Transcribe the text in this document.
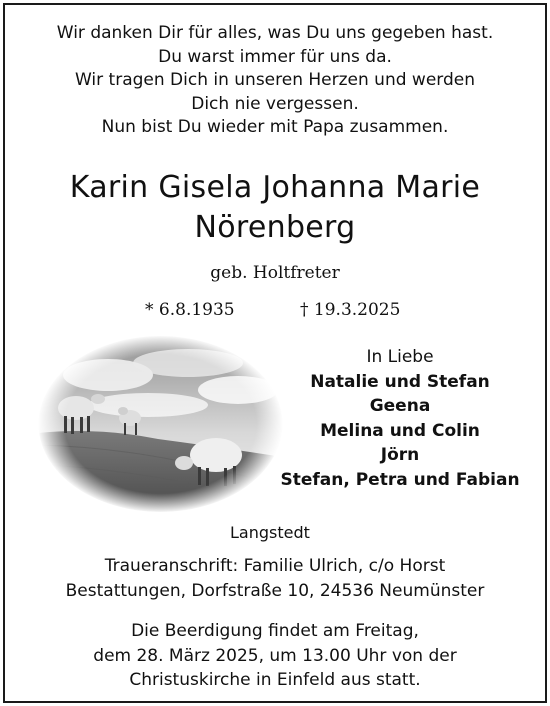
Wir danken Dir für alles, was Du uns gegeben hast.
Du warst immer für uns da.
Wir tragen Dich in unseren Herzen und werden
Dich nie vergessen.
Nun bist Du wieder mit Papa zusammen.
Karin Gisela Johanna Marie
Nörenberg
geb. Holtfreter
* 6.8.1935	† 19.3.2025
In Liebe
Natalie und Stefan
Geena
Melina und Colin
Jörn
Stefan, Petra und Fabian
Langstedt
Traueranschrift: Familie Ulrich, c/o Horst
Bestattungen, Dorfstraße 10, 24536 Neumünster
Die Beerdigung findet am Freitag,
dem 28. März 2025, um 13.00 Uhr von der
Christuskirche in Einfeld aus statt.
